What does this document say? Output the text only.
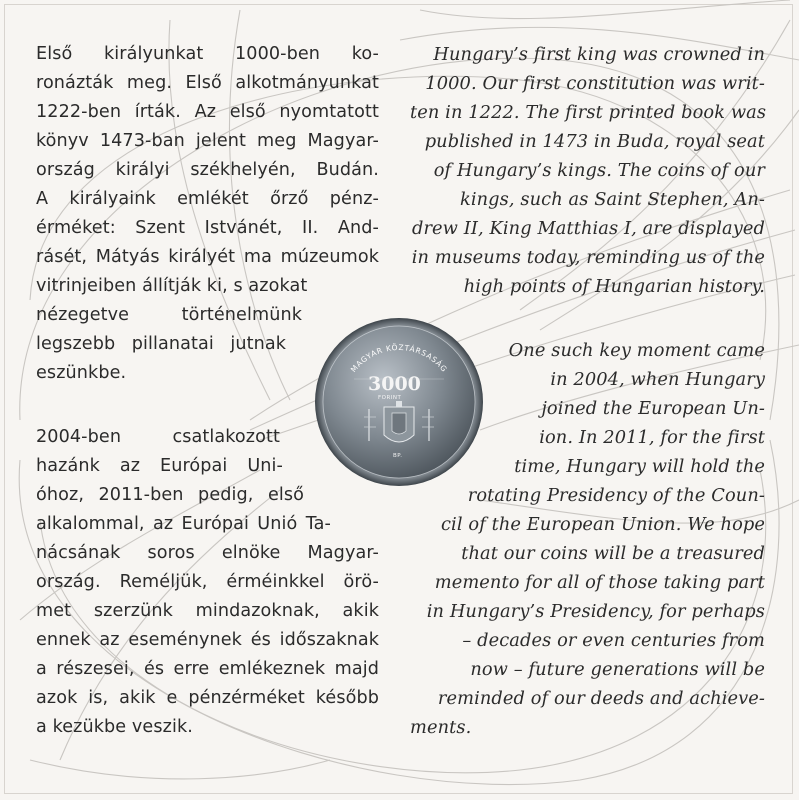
Első királyunkat 1000-ben ko-
ronázták meg. Első alkotmányunkat
1222-ben írták. Az első nyomtatott
könyv 1473-ban jelent meg Magyar-
ország királyi székhelyén, Budán.
A királyaink emlékét őrző pénz-
érméket: Szent Istvánét, II. And-
rásét, Mátyás királyét ma múzeumok
vitrinjeiben állítják ki, s azokat
nézegetve történelmünk
legszebb pillanatai jutnak
eszünkbe.
2004-ben csatlakozott
hazánk az Európai Uni-
óhoz, 2011-ben pedig, első
alkalommal, az Európai Unió Ta-
nácsának soros elnöke Magyar-
ország. Reméljük, érméinkkel örö-
met szerzünk mindazoknak, akik
ennek az eseménynek és időszaknak
a részesei, és erre emlékeznek majd
azok is, akik e pénzérméket később
a kezükbe veszik.
Hungary’s first king was crowned in
1000. Our first constitution was writ-
ten in 1222. The first printed book was
published in 1473 in Buda, royal seat
of Hungary’s kings. The coins of our
kings, such as Saint Stephen, An-
drew II, King Matthias I, are displayed
in museums today, reminding us of the
high points of Hungarian history.
One such key moment came
in 2004, when Hungary
joined the European Un-
ion. In 2011, for the first
time, Hungary will hold the
rotating Presidency of the Coun-
cil of the European Union. We hope
that our coins will be a treasured
memento for all of those taking part
in Hungary’s Presidency, for perhaps
– decades or even centuries from
now – future generations will be
reminded of our deeds and achieve-
ments.
MAGYAR KÖZTÁRSASÁG
3000
FORINT
BP.
